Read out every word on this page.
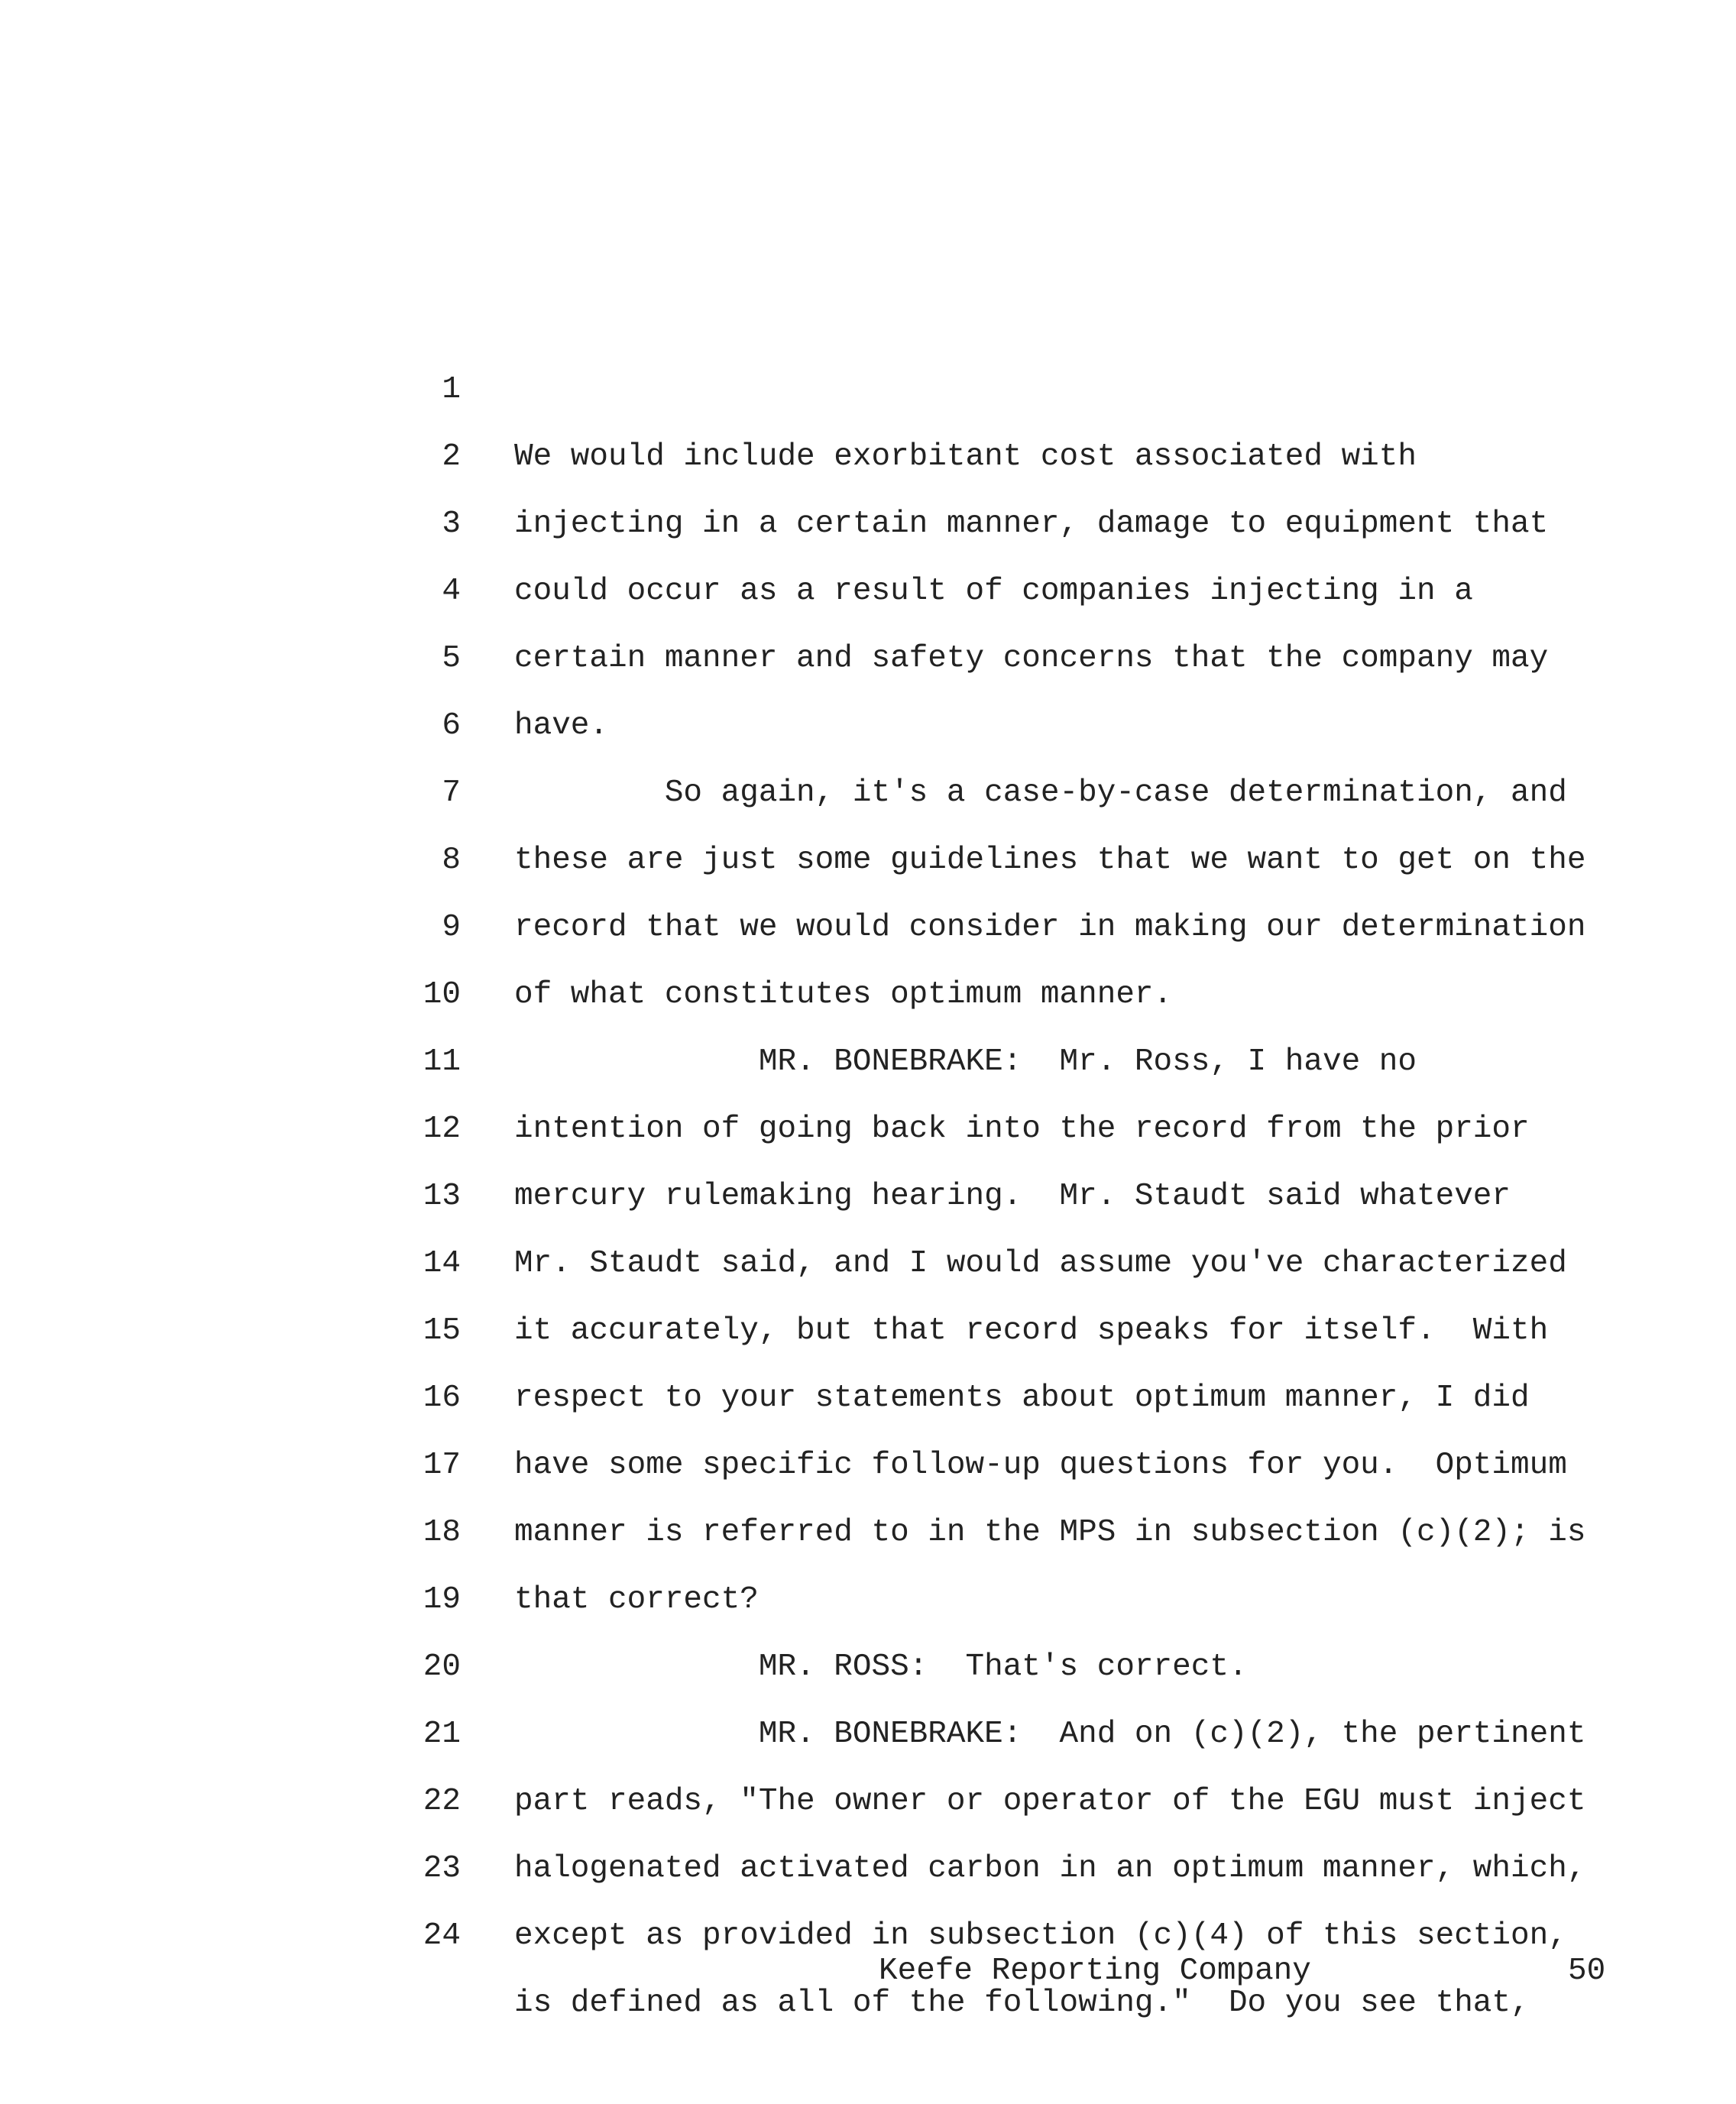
1

We would include exorbitant cost associated with

2

injecting in a certain manner, damage to equipment that

3

could occur as a result of companies injecting in a

4

certain manner and safety concerns that the company may

5

have.

6

So again, it's a case-by-case determination, and

7

these are just some guidelines that we want to get on the

8

record that we would consider in making our determination

9

of what constitutes optimum manner.

10

MR. BONEBRAKE:  Mr. Ross, I have no

11

intention of going back into the record from the prior

12

mercury rulemaking hearing.  Mr. Staudt said whatever

13

Mr. Staudt said, and I would assume you've characterized

14

it accurately, but that record speaks for itself.  With

15

respect to your statements about optimum manner, I did

16

have some specific follow-up questions for you.  Optimum

17

manner is referred to in the MPS in subsection (c)(2); is

18

that correct?

19

MR. ROSS:  That's correct.

20

MR. BONEBRAKE:  And on (c)(2), the pertinent

21

part reads, "The owner or operator of the EGU must inject

22

halogenated activated carbon in an optimum manner, which,

23

except as provided in subsection (c)(4) of this section,

24

is defined as all of the following."  Do you see that,

Keefe Reporting Company	50
